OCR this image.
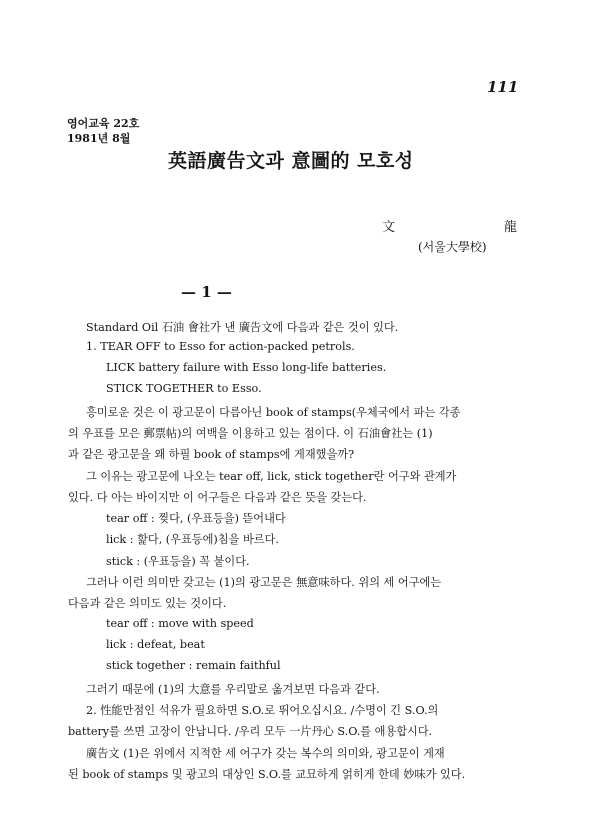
111
영어교육 22호
1981년 8월
英語廣告文과 意圖的 모호성
文	龍
(서울大學校)
— 1 —
Standard Oil 石油 會社가 낸 廣告文에 다음과 같은 것이 있다.
1. TEAR OFF to Esso for action-packed petrols.
LICK battery failure with Esso long-life batteries.
STICK TOGETHER to Esso.
흥미로운 것은 이 광고문이 다름아닌 book of stamps(우체국에서 파는 각종
의 우표를 모은 郵票帖)의 여백을 이용하고 있는 점이다. 이 石油會社는 (1)
과 같은 광고문을 왜 하필 book of stamps에 게재했을까?
그 이유는 광고문에 나오는 tear off, lick, stick together란 어구와 관계가
있다. 다 아는 바이지만 이 어구들은 다음과 같은 뜻을 갖는다.
tear off : 찢다, (우표등을) 뜯어내다
lick : 핥다, (우표등에)침을 바르다.
stick : (우표등을) 꼭 붙이다.
그러나 이런 의미만 갖고는 (1)의 광고문은 無意味하다. 위의 세 어구에는
다음과 같은 의미도 있는 것이다.
tear off : move with speed
lick : defeat, beat
stick together : remain faithful
그러기 때문에 (1)의 大意를 우리말로 옮겨보면 다음과 같다.
2. 性能만점인 석유가 필요하면 S.O.로 뛰어오십시요. /수명이 긴 S.O.의
battery를 쓰면 고장이 안납니다. /우리 모두 一片丹心 S.O.를 애용합시다.
廣告文 (1)은 위에서 지적한 세 어구가 갖는 복수의 의미와, 광고문이 게재
된 book of stamps 및 광고의 대상인 S.O.를 교묘하게 얽히게 한데 妙味가 있다.
